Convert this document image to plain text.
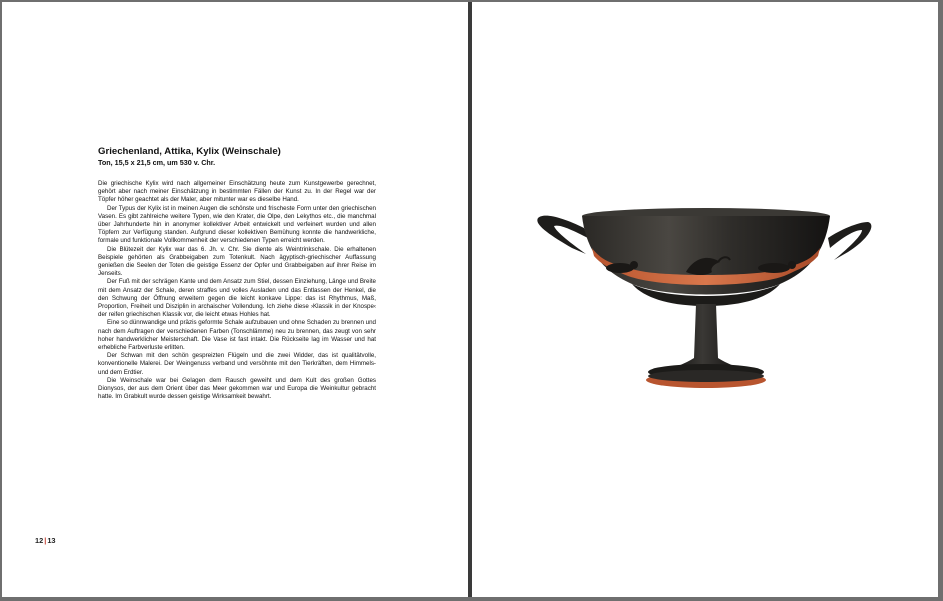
Griechenland, Attika, Kylix (Weinschale)

Ton, 15,5 x 21,5 cm, um 530 v. Chr.

Die griechische Kylix wird nach allgemeiner Einschätzung heute zum Kunstgewerbe gerechnet, gehört aber nach meiner Einschätzung in bestimmten Fällen der Kunst zu. In der Regel war der Töpfer höher geachtet als der Maler, aber mitunter war es dieselbe Hand.

Der Typus der Kylix ist in meinen Augen die schönste und frischeste Form unter den griechischen Vasen. Es gibt zahlreiche weitere Typen, wie den Krater, die Olpe, den Lekythos etc., die manchmal über Jahrhunderte hin in anonymer kollektiver Arbeit entwickelt und verfeinert wurden und allen Töpfern zur Verfügung standen. Aufgrund dieser kollektiven Bemühung konnte die handwerkliche, formale und funktionale Vollkommenheit der verschiedenen Typen erreicht werden.

Die Blütezeit der Kylix war das 6. Jh. v. Chr. Sie diente als Weintrinkschale. Die erhaltenen Beispiele gehörten als Grabbeigaben zum Totenkult. Nach ägyptisch-griechischer Auffassung genießen die Seelen der Toten die geistige Essenz der Opfer und Grabbeigaben auf ihrer Reise im Jenseits.

Der Fuß mit der schrägen Kante und dem Ansatz zum Stiel, dessen Einziehung, Länge und Breite mit dem Ansatz der Schale, deren straffes und volles Ausladen und das Entlassen der Henkel, die den Schwung der Öffnung erweitern gegen die leicht konkave Lippe: das ist Rhythmus, Maß, Proportion, Freiheit und Disziplin in archaischer Vollendung. Ich ziehe diese ›Klassik in der Knospe‹ der reifen griechischen Klassik vor, die leicht etwas Hohles hat.

Eine so dünnwandige und präzis geformte Schale aufzubauen und ohne Schaden zu brennen und nach dem Auftragen der verschiedenen Farben (Tonschlämme) neu zu brennen, das zeugt von sehr hoher handwerklicher Meisterschaft. Die Vase ist fast intakt. Die Rückseite lag im Wasser und hat erhebliche Farbverluste erlitten.

Der Schwan mit den schön gespreizten Flügeln und die zwei Widder, das ist qualitätvolle, konventionelle Malerei. Der Weingenuss verband und versöhnte mit den Tierkräften, dem Himmels- und dem Erdtier.

Die Weinschale war bei Gelagen dem Rausch geweiht und dem Kult des großen Gottes Dionysos, der aus dem Orient über das Meer gekommen war und Europa die Weinkultur gebracht hatte. Im Grabkult wurde dessen geistige Wirksamkeit bewahrt.

12|13
